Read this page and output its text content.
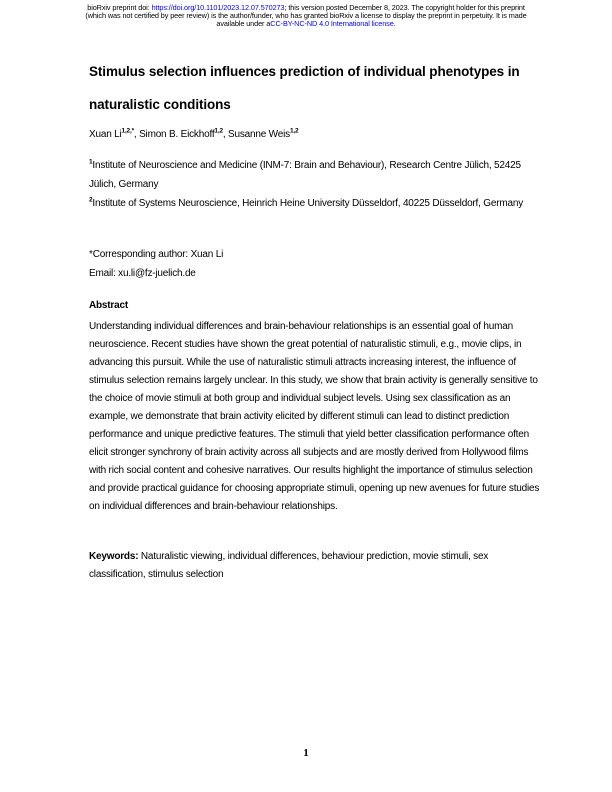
bioRxiv preprint doi: https://doi.org/10.1101/2023.12.07.570273; this version posted December 8, 2023. The copyright holder for this preprint
(which was not certified by peer review) is the author/funder, who has granted bioRxiv a license to display the preprint in perpetuity. It is made
available under aCC-BY-NC-ND 4.0 International license.
Stimulus selection influences prediction of individual phenotypes in naturalistic conditions
Xuan $Li^{1,2,*}$, Simon B. Eickhoff$^{1,2}$, Susanne Weis$^{1,2}$
$^1$Institute of Neuroscience and Medicine (INM-7: Brain and Behaviour), Research Centre Jülich, 52425 Jülich, Germany
$^2$Institute of Systems Neuroscience, Heinrich Heine University Düsseldorf, 40225 Düsseldorf, Germany
*Corresponding author: Xuan Li
Email: xu.li@fz-juelich.de
Abstract

Understanding individual differences and brain-behaviour relationships is an essential goal of human neuroscience. Recent studies have shown the great potential of naturalistic stimuli, e.g., movie clips, in advancing this pursuit. While the use of naturalistic stimuli attracts increasing interest, the influence of stimulus selection remains largely unclear. In this study, we show that brain activity is generally sensitive to the choice of movie stimuli at both group and individual subject levels. Using sex classification as an example, we demonstrate that brain activity elicited by different stimuli can lead to distinct prediction performance and unique predictive features. The stimuli that yield better classification performance often elicit stronger synchrony of brain activity across all subjects and are mostly derived from Hollywood films with rich social content and cohesive narratives. Our results highlight the importance of stimulus selection and provide practical guidance for choosing appropriate stimuli, opening up new avenues for future studies on individual differences and brain-behaviour relationships.

Keywords: Naturalistic viewing, individual differences, behaviour prediction, movie stimuli, sex classification, stimulus selection

1
